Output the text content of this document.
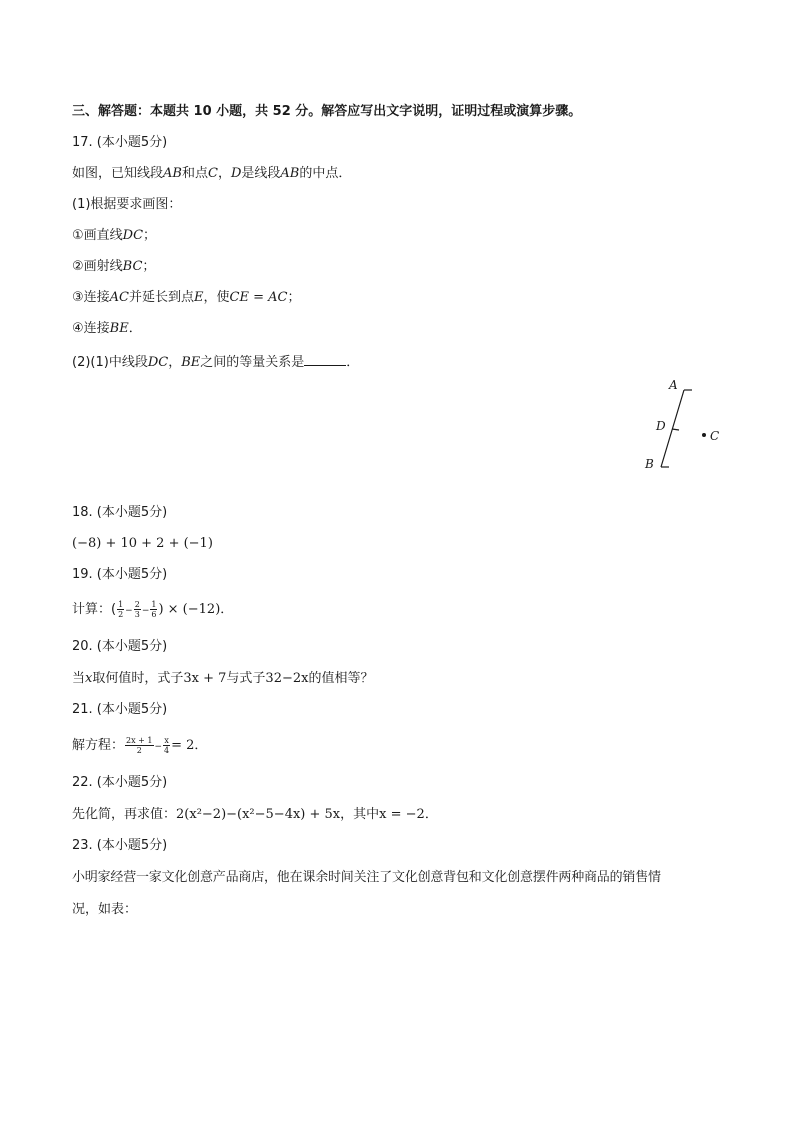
三、解答题：本题共 10 小题，共 52 分。解答应写出文字说明，证明过程或演算步骤。
17. (本小题5分)
如图，已知线段AB和点C，D是线段AB的中点．
(1)根据要求画图：
①画直线DC；
②画射线BC；
③连接AC并延长到点E，使CE = AC；
④连接BE．
(2)(1)中线段DC，BE之间的等量关系是	．
A
D
B
C
18. (本小题5分)
(−8) + 10 + 2 + (−1)
19. (本小题5分)
计算：( $\frac{1}{2} - \frac{2}{3} - \frac{1}{6}$ ) × (−12)．
20. (本小题5分)
当x取何值时，式子3x + 7与式子32−2x的值相等？
21. (本小题5分)
解方程： $\frac{2x + 1}{2} - \frac{x}{4} = 2$．
22. (本小题5分)
先化简，再求值：2(x²−2)−(x²−5−4x) + 5x，其中x = −2．
23. (本小题5分)
小明家经营一家文化创意产品商店，他在课余时间关注了文化创意背包和文化创意摆件两种商品的销售情
况，如表：
